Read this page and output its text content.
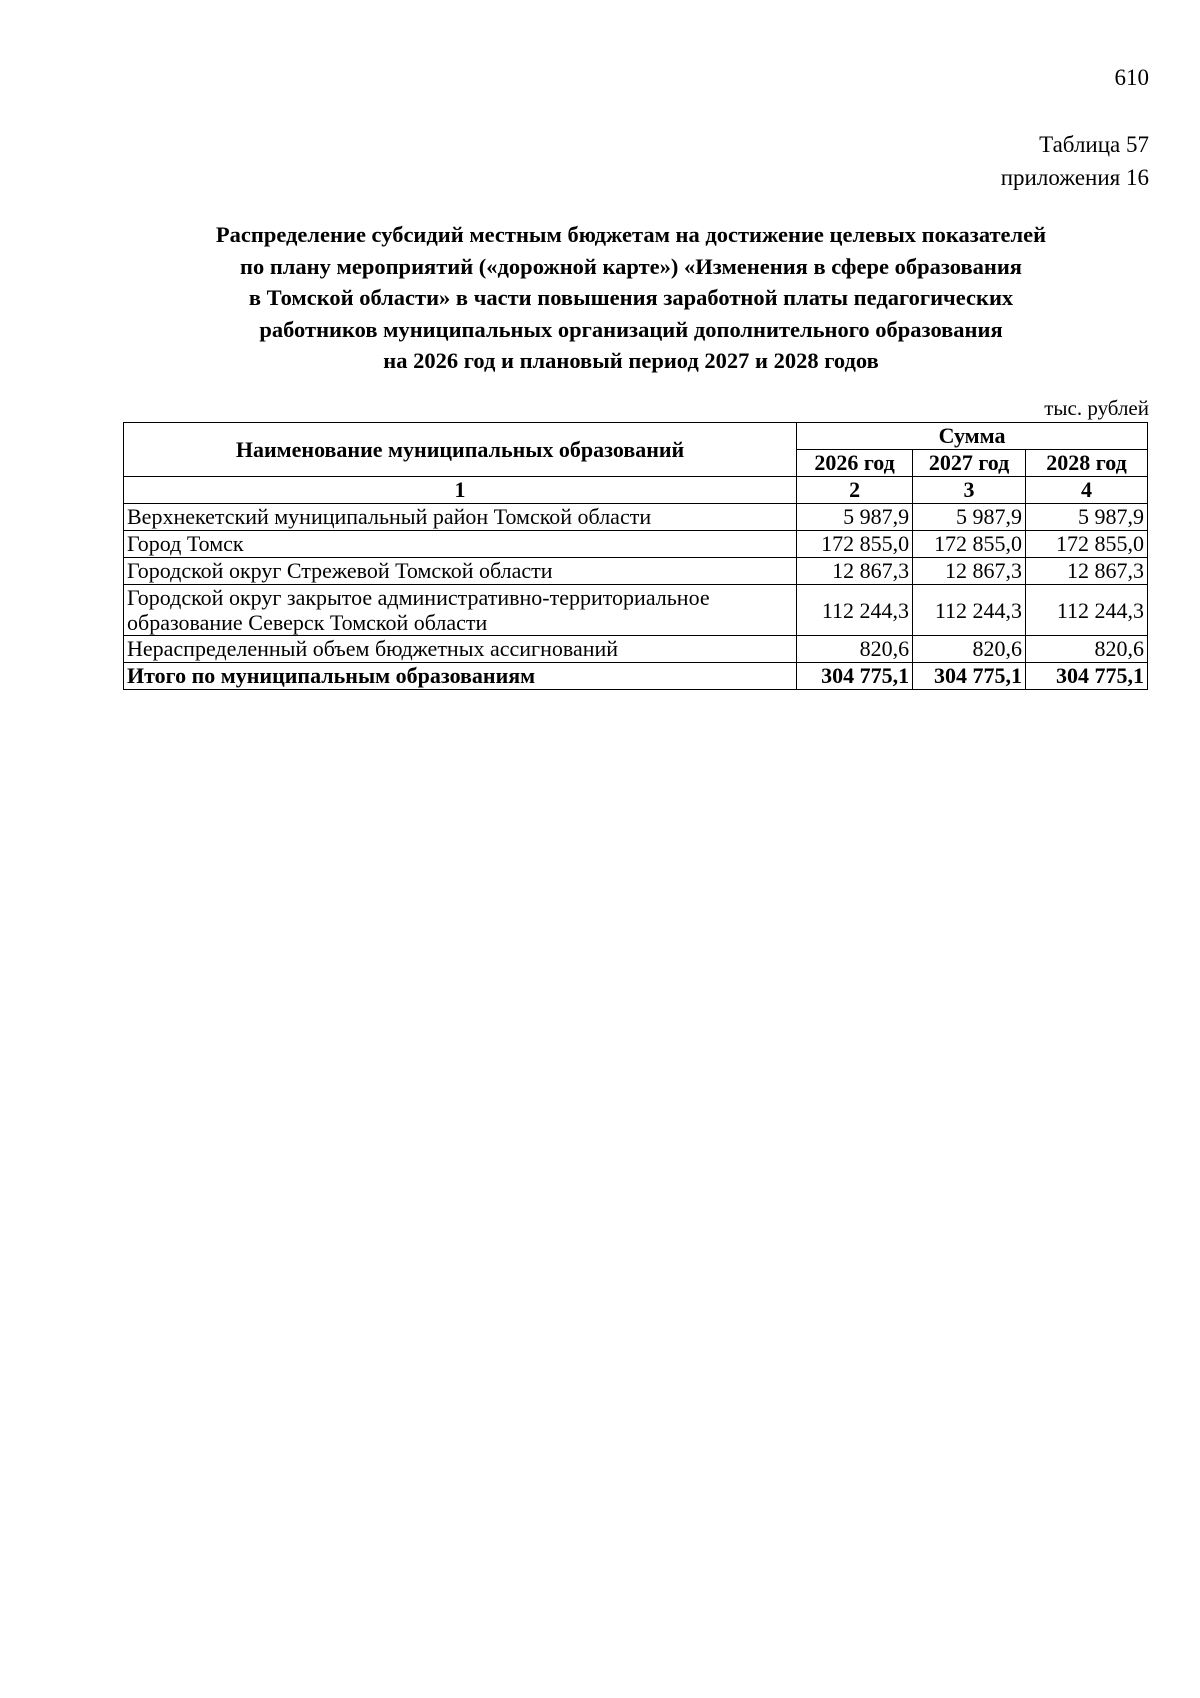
610
Таблица 57
приложения 16
Распределение субсидий местным бюджетам на достижение целевых показателей
по плану мероприятий («дорожной карте») «Изменения в сфере образования
в Томской области» в части повышения заработной платы педагогических
работников муниципальных организаций дополнительного образования
на 2026 год и плановый период 2027 и 2028 годов
тыс. рублей
Наименование муниципальных образований	Сумма		
	2026 год	2027 год	2028 год
1	2	3	4
Верхнекетский муниципальный район Томской области	5 987,9	5 987,9	5 987,9
Город Томск	172 855,0	172 855,0	172 855,0
Городской округ Стрежевой Томской области	12 867,3	12 867,3	12 867,3

Городской округ закрытое административно-территориальное
образование Северск Томской области	112 244,3	112 244,3	112 244,3
Нераспределенный объем бюджетных ассигнований	820,6	820,6	820,6
Итого по муниципальным образованиям	304 775,1	304 775,1	304 775,1
